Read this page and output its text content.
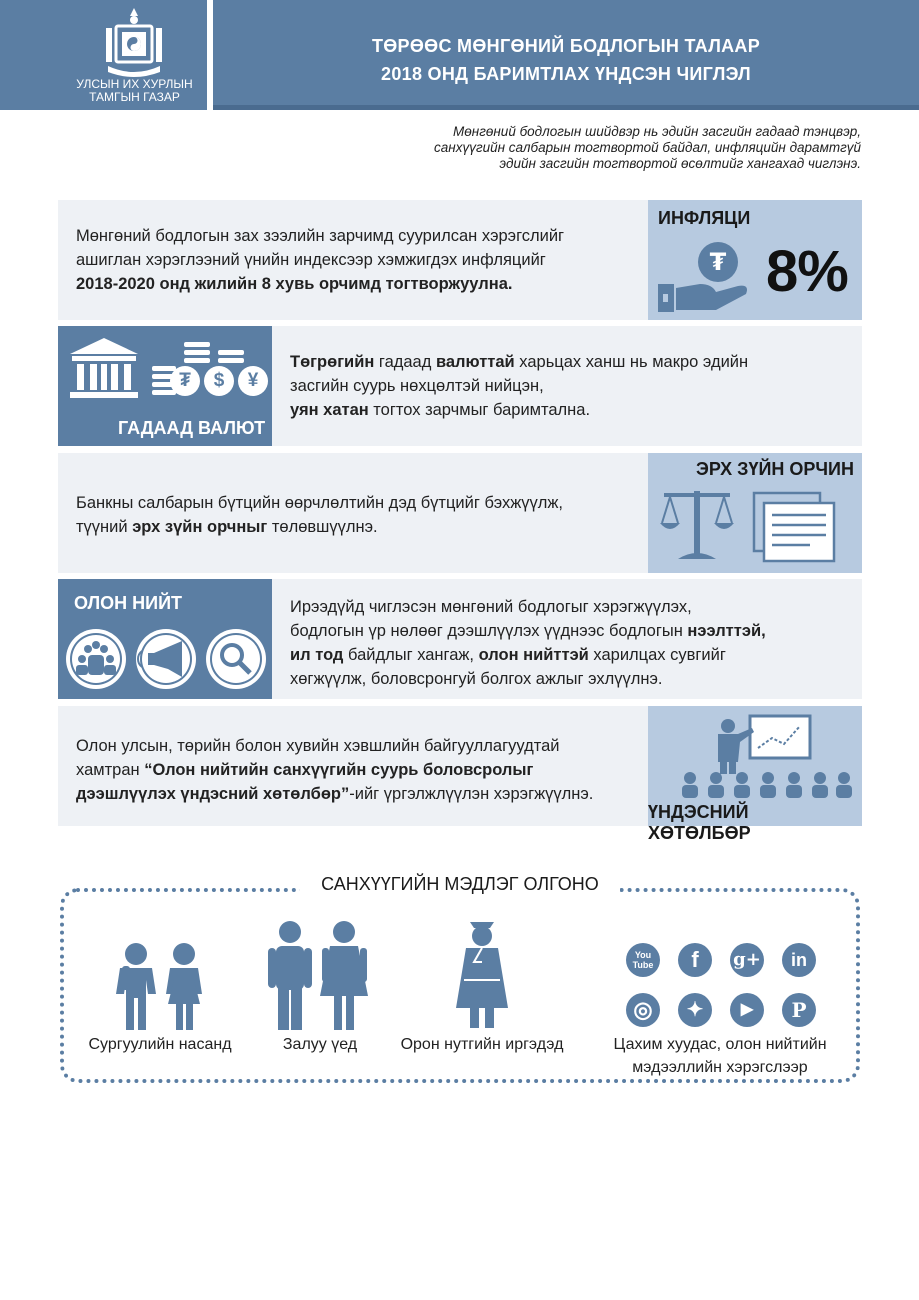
УЛСЫН ИХ ХУРЛЫН
ТАМГЫН ГАЗАР
ТӨРӨӨС МӨНГӨНИЙ БОДЛОГЫН ТАЛААР
2018 ОНД БАРИМТЛАХ ҮНДСЭН ЧИГЛЭЛ
Мөнгөний бодлогын шийдвэр нь эдийн засгийн гадаад тэнцвэр,
санхүүгийн салбарын тогтвортой байдал, инфляцийн дарамтгүй
эдийн засгийн тогтвортой өсөлтийг хангахад чиглэнэ.
Мөнгөний бодлогын зах зээлийн зарчимд суурилсан хэрэгслийг
ашиглан хэрэглээний үнийн индексээр хэмжигдэх инфляцийг
2018-2020 онд жилийн 8 хувь орчимд тогтворжуулна.
ИНФЛЯЦИ
₮ 8%
₮	$	¥
ГАДААД ВАЛЮТ
Төгрөгийн гадаад валюттай харьцах ханш нь макро эдийн
засгийн суурь нөхцөлтэй нийцэн,
уян хатан тогтох зарчмыг баримтална.
Банкны салбарын бүтцийн өөрчлөлтийн дэд бүтцийг бэхжүүлж,
түүний эрх зүйн орчныг төлөвшүүлнэ.
ЭРХ ЗҮЙН ОРЧИН
ОЛОН НИЙТ	Ирээдүйд чиглэсэн мөнгөний бодлогыг хэрэгжүүлэх,
бодлогын үр нөлөөг дээшлүүлэх үүднээс бодлогын нээлттэй,
ил тод байдлыг хангаж, олон нийттэй харилцах сувгийг
хөгжүүлж, боловсронгуй болгох ажлыг эхлүүлнэ.
Олон улсын, төрийн болон хувийн хэвшлийн байгууллагуудтай
хамтран “Олон нийтийн санхүүгийн суурь боловсролыг
дээшлүүлэх үндэсний хөтөлбөр”-ийг үргэлжлүүлэн хэрэгжүүлнэ.
ҮНДЭСНИЙ ХӨТӨЛБӨР
САНХҮҮГИЙН МЭДЛЭГ ОЛГОНО
Сургуулийн насанд	Залуу үед	Орон нутгийн иргэдэд
You Tube	f	g+	in
◎	✦	▶	P
Цахим хуудас, олон нийтийн
мэдээллийн хэрэгслээр
